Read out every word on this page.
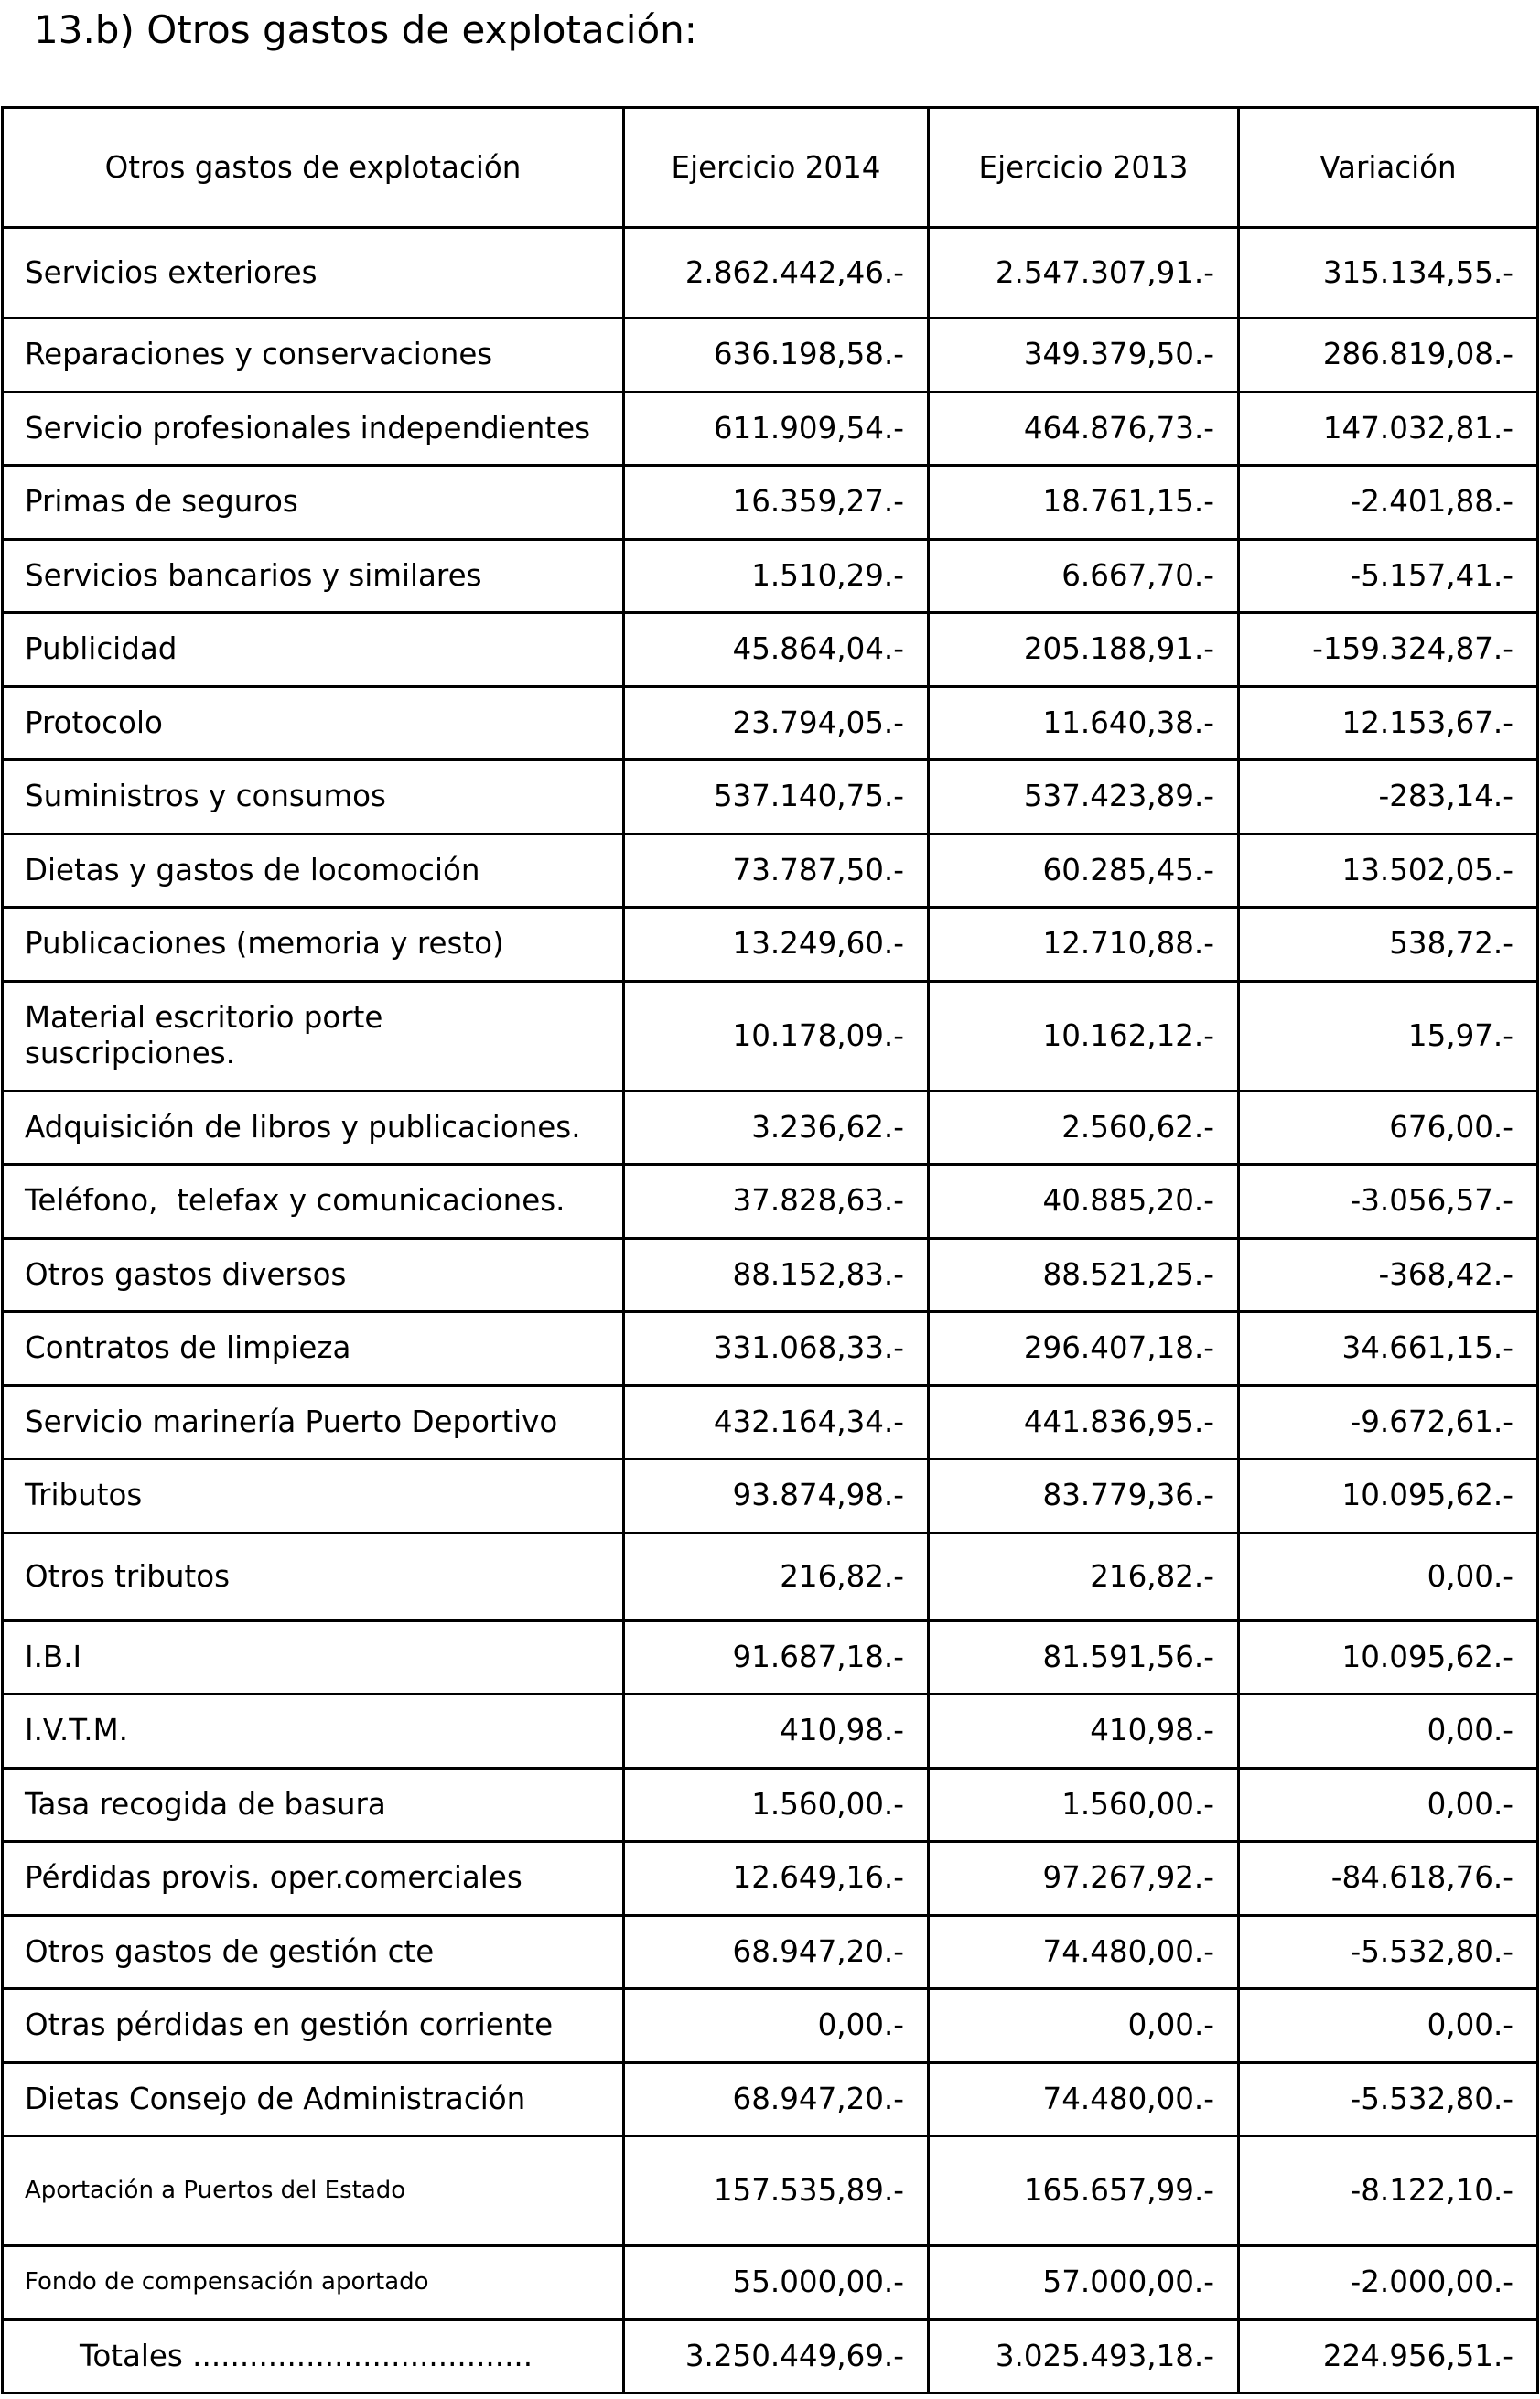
13.b) Otros gastos de explotación:
Otros gastos de explotación	Ejercicio 2014	Ejercicio 2013	Variación
Servicios exteriores	2.862.442,46.-	2.547.307,91.-	315.134,55.-
Reparaciones y conservaciones	636.198,58.-	349.379,50.-	286.819,08.-
Servicio profesionales independientes	611.909,54.-	464.876,73.-	147.032,81.-
Primas de seguros	16.359,27.-	18.761,15.-	-2.401,88.-
Servicios bancarios y similares	1.510,29.-	6.667,70.-	-5.157,41.-
Publicidad	45.864,04.-	205.188,91.-	-159.324,87.-
Protocolo	23.794,05.-	11.640,38.-	12.153,67.-
Suministros y consumos	537.140,75.-	537.423,89.-	-283,14.-
Dietas y gastos de locomoción	73.787,50.-	60.285,45.-	13.502,05.-
Publicaciones (memoria y resto)	13.249,60.-	12.710,88.-	538,72.-
Material escritorio porte
suscripciones.
10.178,09.-	10.162,12.-	15,97.-
Adquisición de libros y publicaciones.	3.236,62.-	2.560,62.-	676,00.-
Teléfono,  telefax y comunicaciones.	37.828,63.-	40.885,20.-	-3.056,57.-
Otros gastos diversos	88.152,83.-	88.521,25.-	-368,42.-
Contratos de limpieza	331.068,33.-	296.407,18.-	34.661,15.-
Servicio marinería Puerto Deportivo	432.164,34.-	441.836,95.-	-9.672,61.-
Tributos	93.874,98.-	83.779,36.-	10.095,62.-
Otros tributos	216,82.-	216,82.-	0,00.-
I.B.I	91.687,18.-	81.591,56.-	10.095,62.-
I.V.T.M.	410,98.-	410,98.-	0,00.-
Tasa recogida de basura	1.560,00.-	1.560,00.-	0,00.-
Pérdidas provis. oper.comerciales	12.649,16.-	97.267,92.-	-84.618,76.-
Otros gastos de gestión cte	68.947,20.-	74.480,00.-	-5.532,80.-
Otras pérdidas en gestión corriente	0,00.-	0,00.-	0,00.-
Dietas Consejo de Administración	68.947,20.-	74.480,00.-	-5.532,80.-
Aportación a Puertos del Estado	157.535,89.-	165.657,99.-	-8.122,10.-
Fondo de compensación aportado	55.000,00.-	57.000,00.-	-2.000,00.-
Totales ....................................	3.250.449,69.-	3.025.493,18.-	224.956,51.-
